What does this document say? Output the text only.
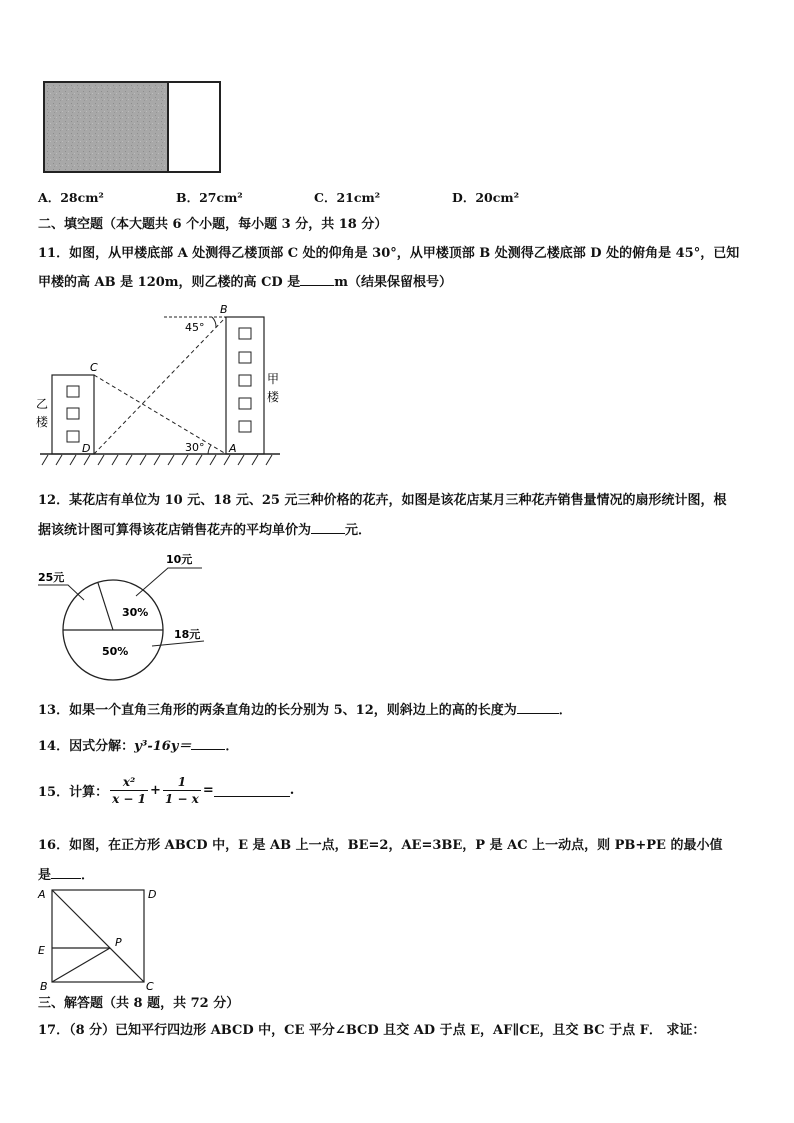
A．28cm²	B．27cm²	C．21cm²	D．20cm²
二、填空题（本大题共 6 个小题，每小题 3 分，共 18 分）
11．如图，从甲楼底部 A 处测得乙楼顶部 C 处的仰角是 30°，从甲楼顶部 B 处测得乙楼底部 D 处的俯角是 45°，已知
甲楼的高 AB 是 120m，则乙楼的高 CD 是	m（结果保留根号）
B
C
D	A
45°
30°
乙
楼
甲
楼
12．某花店有单位为 10 元、18 元、25 元三种价格的花卉，如图是该花店某月三种花卉销售量情况的扇形统计图，根
据该统计图可算得该花店销售花卉的平均单价为	元．
10元
25元
18元
30%
50%
13．如果一个直角三角形的两条直角边的长分别为 5、12，则斜边上的高的长度为	．
14．因式分解：y³-16y＝	．
15．计算： $\frac{\text{x²}}{x - 1} + \frac{1}{1 - x}$ =	.
16．如图，在正方形 ABCD 中，E 是 AB 上一点，BE=2，AE=3BE，P 是 AC 上一动点，则 PB+PE 的最小值
是 ．
A	D
E
P
B	C
三、解答题（共 8 题，共 72 分）
17．（8 分）已知平行四边形 ABCD 中，CE 平分∠BCD 且交 AD 于点 E，AF∥CE，且交 BC 于点 F． 求证：
